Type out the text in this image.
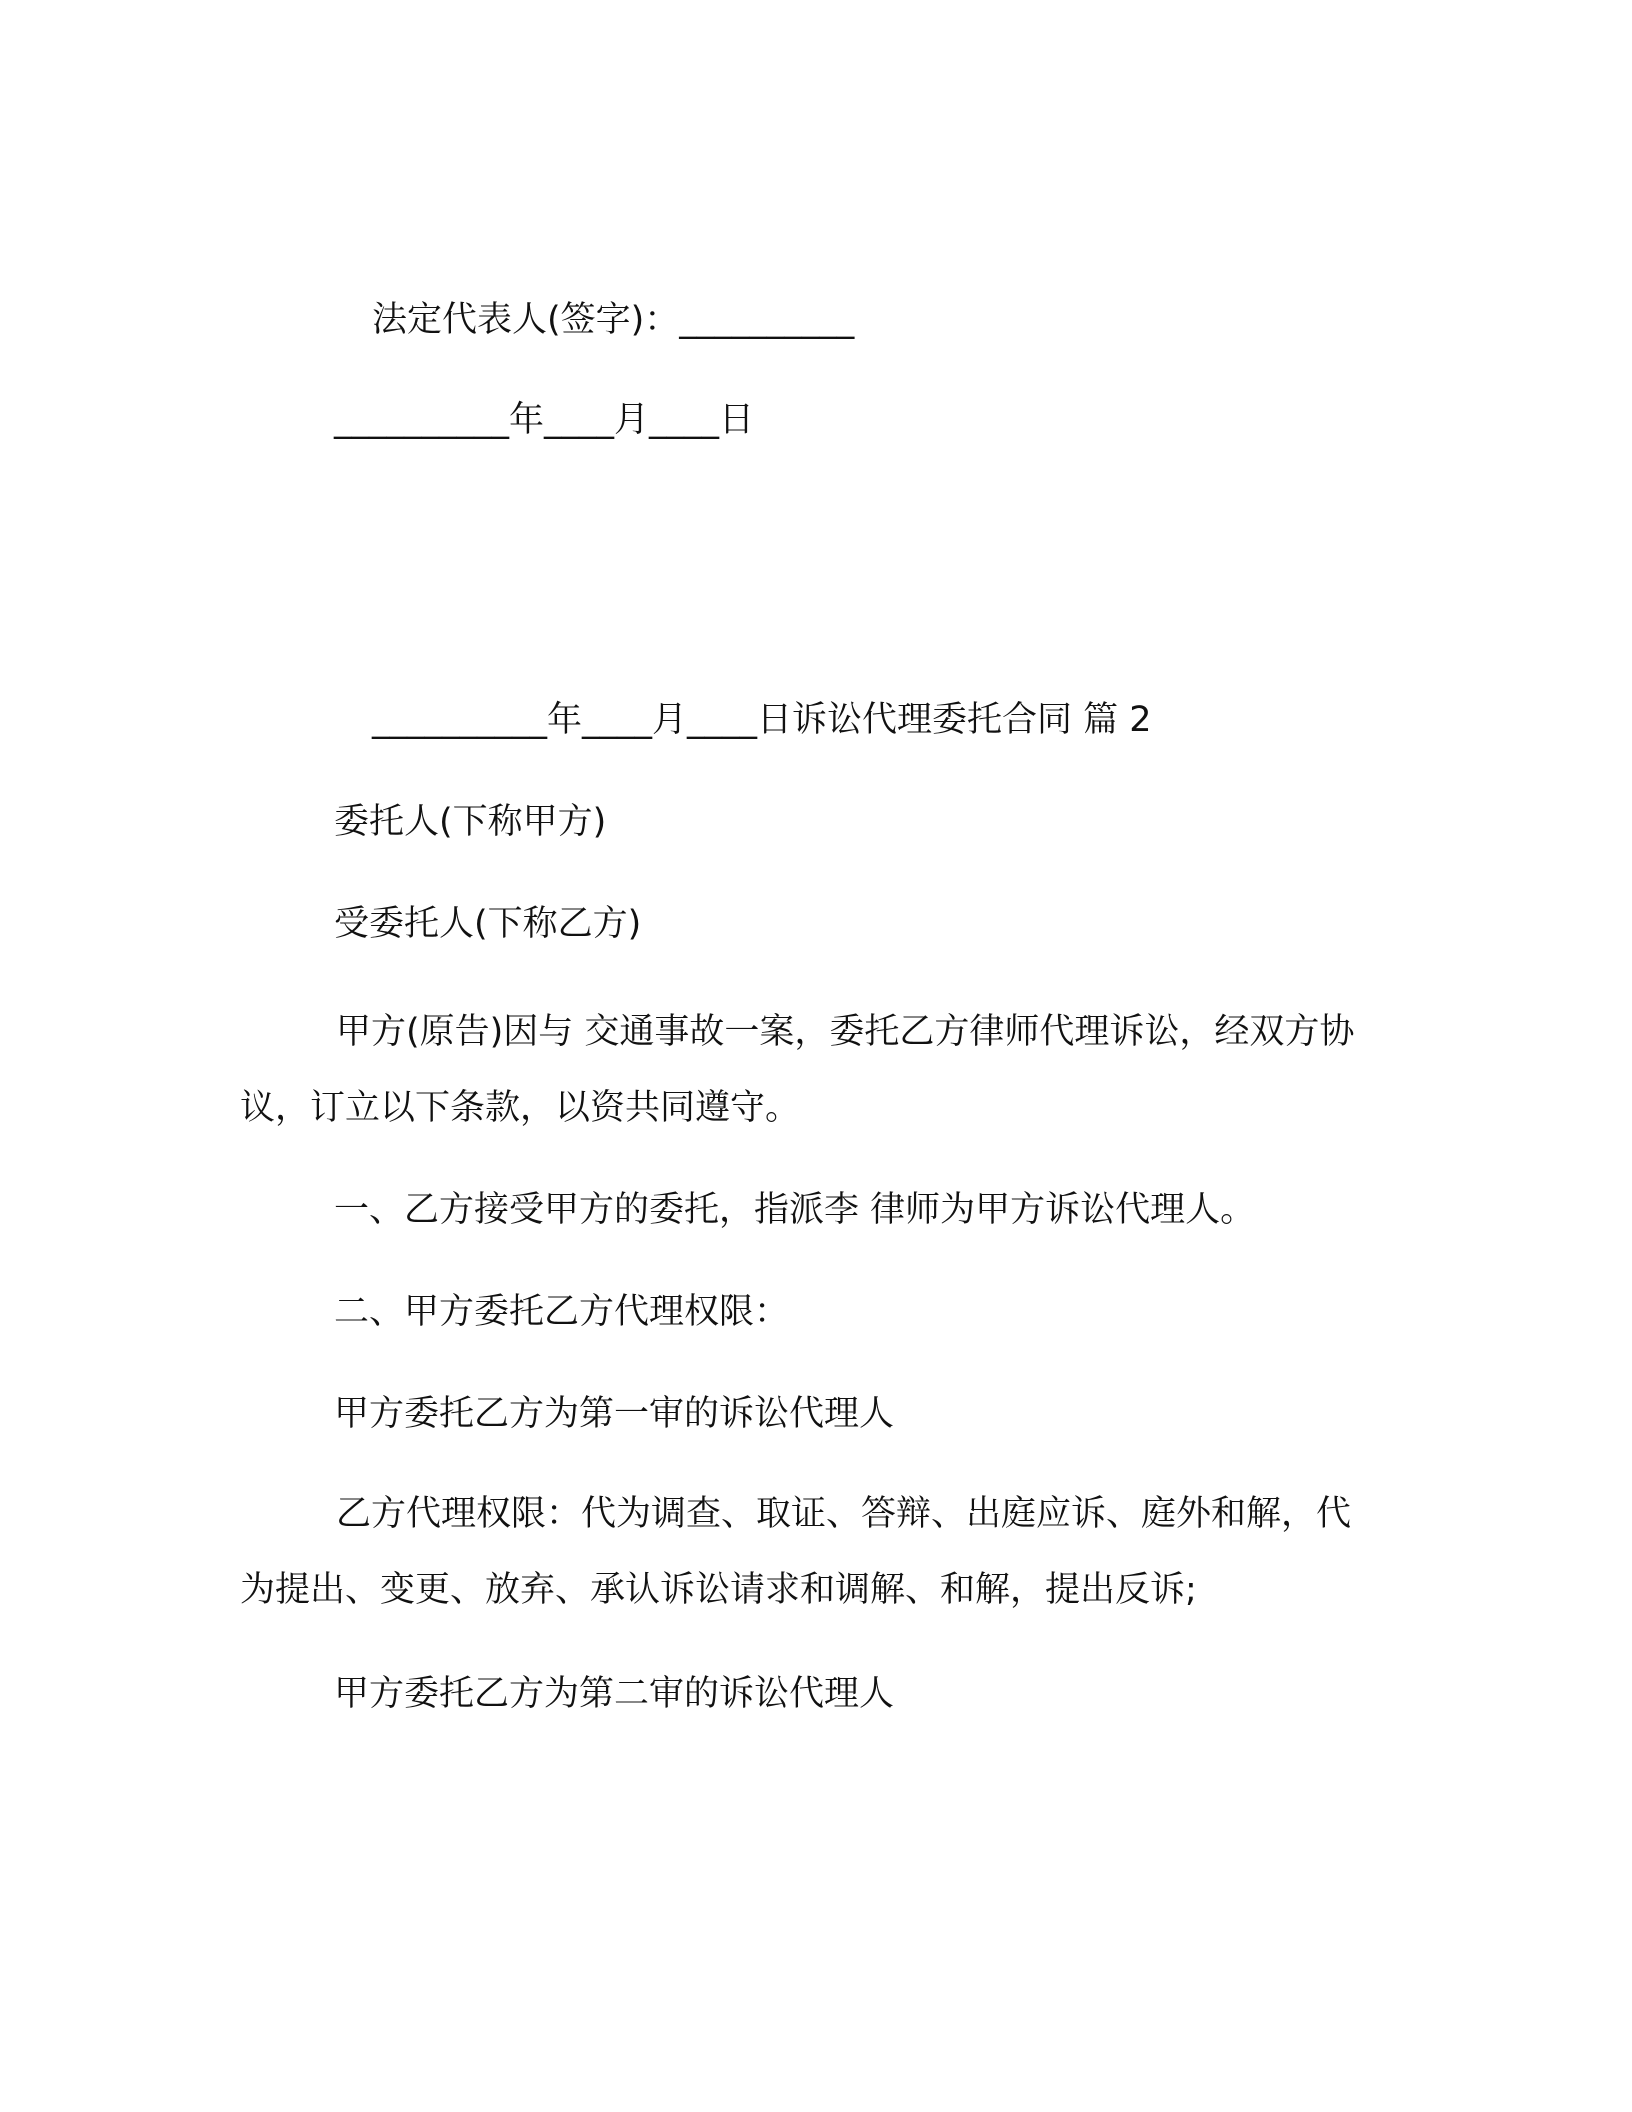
法定代表人(签字)：__________
__________年____月____日
__________年____月____日诉讼代理委托合同 篇 2
委托人(下称甲方)
受委托人(下称乙方)
甲方(原告)因与 交通事故一案，委托乙方律师代理诉讼，经双方协议，订立以下条款，以资共同遵守。
一、乙方接受甲方的委托，指派李 律师为甲方诉讼代理人。
二、甲方委托乙方代理权限：
甲方委托乙方为第一审的诉讼代理人
乙方代理权限：代为调查、取证、答辩、出庭应诉、庭外和解，代为提出、变更、放弃、承认诉讼请求和调解、和解，提出反诉;
甲方委托乙方为第二审的诉讼代理人
